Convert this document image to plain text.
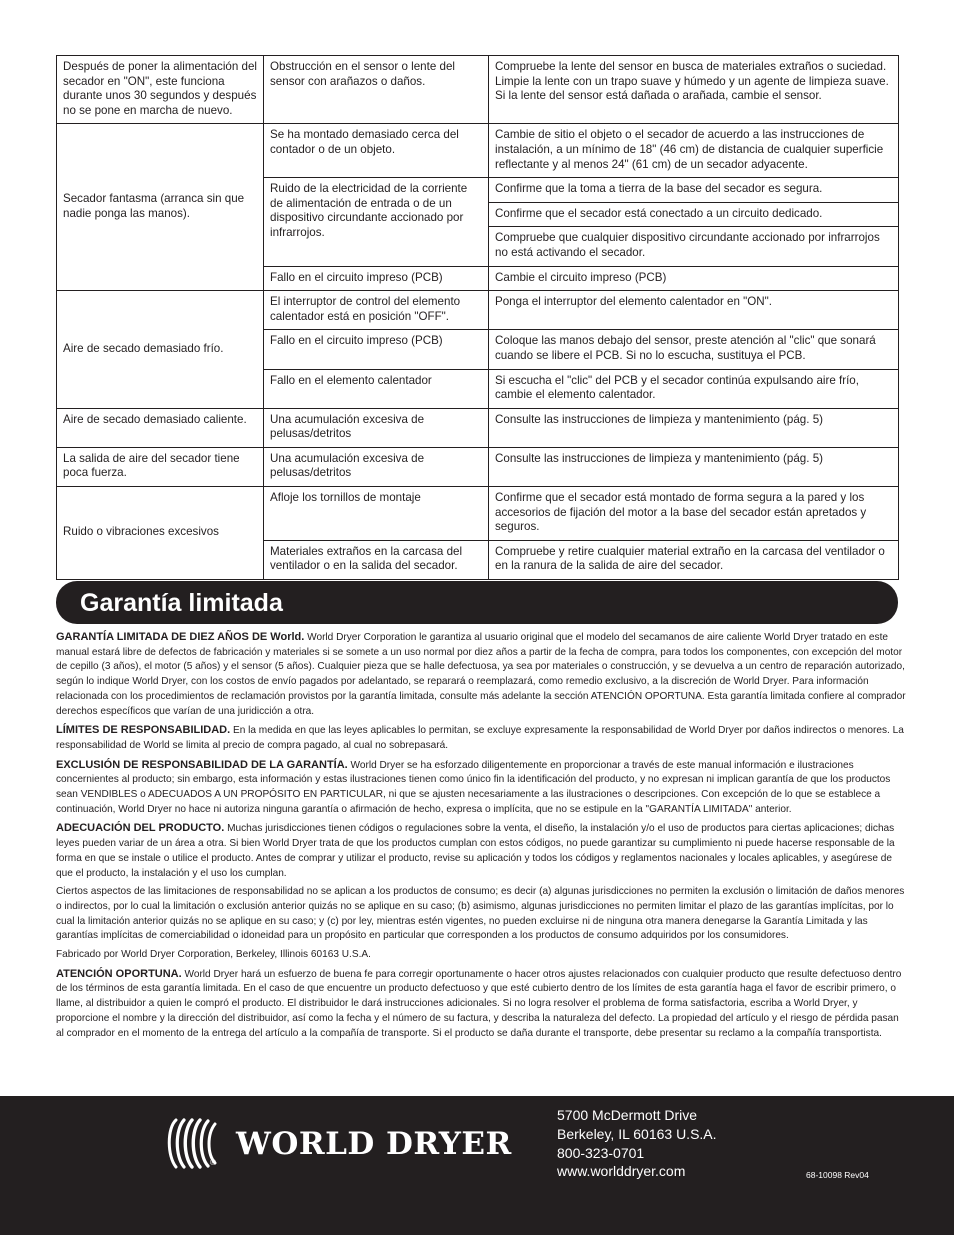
Después de poner la alimentación del secador en "ON", este funciona durante unos 30 segundos y después no se pone en marcha de nuevo.	Obstrucción en el sensor o lente del sensor con arañazos o daños.	Compruebe la lente del sensor en busca de materiales extraños o suciedad. Limpie la lente con un trapo suave y húmedo y un agente de limpieza suave. Si la lente del sensor está dañada o arañada, cambie el sensor.
Secador fantasma (arranca sin que nadie ponga las manos).	Se ha montado demasiado cerca del contador o de un objeto.	Cambie de sitio el objeto o el secador de acuerdo a las instrucciones de instalación, a un mínimo de 18" (46 cm) de distancia de cualquier superficie reflectante y al menos 24" (61 cm) de un secador adyacente.
	Ruido de la electricidad de la corriente de alimentación de entrada o de un dispositivo circundante accionado por infrarrojos.	Confirme que la toma a tierra de la base del secador es segura.
		Confirme que el secador está conectado a un circuito dedicado.
		Compruebe que cualquier dispositivo circundante accionado por infrarrojos no está activando el secador.
	Fallo en el circuito impreso (PCB)	Cambie el circuito impreso (PCB)
Aire de secado demasiado frío.	El interruptor de control del elemento calentador está en posición "OFF".	Ponga el interruptor del elemento calentador en "ON".
	Fallo en el circuito impreso (PCB)	Coloque las manos debajo del sensor, preste atención al "clic" que sonará cuando se libere el PCB. Si no lo escucha, sustituya el PCB.
	Fallo en el elemento calentador	Si escucha el "clic" del PCB y el secador continúa expulsando aire frío, cambie el elemento calentador.
Aire de secado demasiado caliente.	Una acumulación excesiva de pelusas/detritos	Consulte las instrucciones de limpieza y mantenimiento (pág. 5)
La salida de aire del secador tiene poca fuerza.	Una acumulación excesiva de pelusas/detritos	Consulte las instrucciones de limpieza y mantenimiento (pág. 5)
Ruido o vibraciones excesivos	Afloje los tornillos de montaje	Confirme que el secador está montado de forma segura a la pared y los accesorios de fijación del motor a la base del secador están apretados y seguros.
	Materiales extraños en la carcasa del ventilador o en la salida del secador.	Compruebe y retire cualquier material extraño en la carcasa del ventilador o en la ranura de la salida de aire del secador.
Garantía limitada

GARANTÍA LIMITADA DE DIEZ AÑOS DE World. World Dryer Corporation le garantiza al usuario original que el modelo del secamanos de aire caliente World Dryer tratado en este manual estará libre de defectos de fabricación y materiales si se somete a un uso normal por diez años a partir de la fecha de compra, para todos los componentes, con excepción del motor de cepillo (3 años), el motor (5 años) y el sensor (5 años). Cualquier pieza que se halle defectuosa, ya sea por materiales o construcción, y se devuelva a un centro de reparación autorizado, según lo indique World Dryer, con los costos de envío pagados por adelantado, se reparará o reemplazará, como remedio exclusivo, a la discreción de World Dryer. Para información relacionada con los procedimientos de reclamación provistos por la garantía limitada, consulte más adelante la sección ATENCIÓN OPORTUNA. Esta garantía limitada confiere al comprador derechos específicos que varían de una juridicción a otra.

LÍMITES DE RESPONSABILIDAD. En la medida en que las leyes aplicables lo permitan, se excluye expresamente la responsabilidad de World Dryer por daños indirectos o menores. La responsabilidad de World se limita al precio de compra pagado, al cual no sobrepasará.

EXCLUSIÓN DE RESPONSABILIDAD DE LA GARANTÍA. World Dryer se ha esforzado diligentemente en proporcionar a través de este manual información e ilustraciones concernientes al producto; sin embargo, esta información y estas ilustraciones tienen como único fin la identificación del producto, y no expresan ni implican garantía de que los productos sean VENDIBLES o ADECUADOS A UN PROPÓSITO EN PARTICULAR, ni que se ajusten necesariamente a las ilustraciones o descripciones. Con excepción de lo que se establece a continuación, World Dryer no hace ni autoriza ninguna garantía o afirmación de hecho, expresa o implícita, que no se estipule en la "GARANTÍA LIMITADA" anterior.

ADECUACIÓN DEL PRODUCTO. Muchas jurisdicciones tienen códigos o regulaciones sobre la venta, el diseño, la instalación y/o el uso de productos para ciertas aplicaciones; dichas leyes pueden variar de un área a otra. Si bien World Dryer trata de que los productos cumplan con estos códigos, no puede garantizar su cumplimiento ni puede hacerse responsable de la forma en que se instale o utilice el producto. Antes de comprar y utilizar el producto, revise su aplicación y todos los códigos y reglamentos nacionales y locales aplicables, y asegúrese de que el producto, la instalación y el uso los cumplan.

Ciertos aspectos de las limitaciones de responsabilidad no se aplican a los productos de consumo; es decir (a) algunas jurisdicciones no permiten la exclusión o limitación de daños menores o indirectos, por lo cual la limitación o exclusión anterior quizás no se aplique en su caso; (b) asimismo, algunas jurisdicciones no permiten limitar el plazo de las garantías implícitas, por lo cual la limitación anterior quizás no se aplique en su caso; y (c) por ley, mientras estén vigentes, no pueden excluirse ni de ninguna otra manera denegarse la Garantía Limitada y las garantías implícitas de comerciabilidad o idoneidad para un propósito en particular que corresponden a los productos de consumo adquiridos por los consumidores.

Fabricado por World Dryer Corporation, Berkeley, Illinois 60163 U.S.A.

ATENCIÓN OPORTUNA. World Dryer hará un esfuerzo de buena fe para corregir oportunamente o hacer otros ajustes relacionados con cualquier producto que resulte defectuoso dentro de los términos de esta garantía limitada. En el caso de que encuentre un producto defectuoso y que esté cubierto dentro de los límites de esta garantía haga el favor de escribir primero, o llame, al distribuidor a quien le compró el producto. El distribuidor le dará instrucciones adicionales. Si no logra resolver el problema de forma satisfactoria, escriba a World Dryer, y proporcione el nombre y la dirección del distribuidor, así como la fecha y el número de su factura, y describa la naturaleza del defecto. La propiedad del artículo y el riesgo de pérdida pasan al comprador en el momento de la entrega del artículo a la compañía de transporte. Si el producto se daña durante el transporte, debe presentar su reclamo a la compañía transportista.

®
WORLD DRYER
5700 McDermott Drive
Berkeley, IL 60163 U.S.A.
800-323-0701
www.worlddryer.com	68-10098 Rev04
